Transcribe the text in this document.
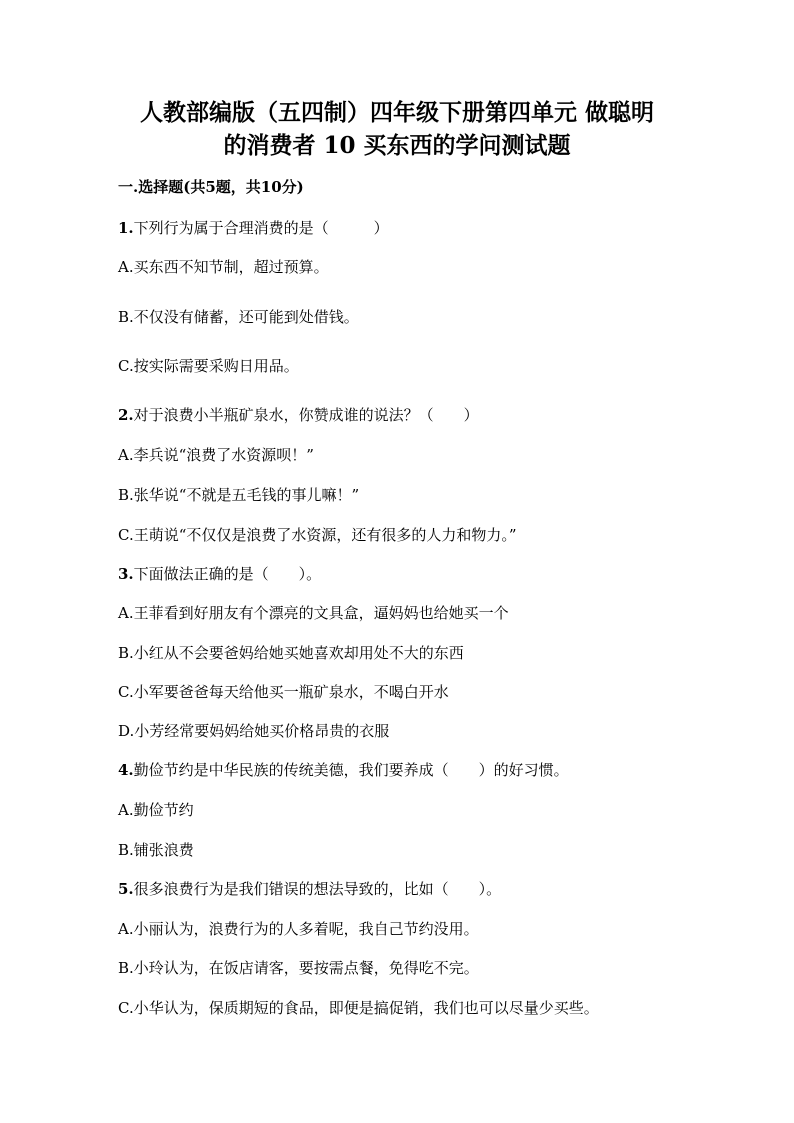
人教部编版（五四制）四年级下册第四单元 做聪明
的消费者 10 买东西的学问测试题
一.选择题(共5题，共10分)
1.下列行为属于合理消费的是（　　　）
A.买东西不知节制，超过预算。
B.不仅没有储蓄，还可能到处借钱。
C.按实际需要采购日用品。
2.对于浪费小半瓶矿泉水，你赞成谁的说法？（　　）
A.李兵说“浪费了水资源呗！”
B.张华说“不就是五毛钱的事儿嘛！”
C.王萌说“不仅仅是浪费了水资源，还有很多的人力和物力。”
3.下面做法正确的是（　　）。
A.王菲看到好朋友有个漂亮的文具盒，逼妈妈也给她买一个
B.小红从不会要爸妈给她买她喜欢却用处不大的东西
C.小军要爸爸每天给他买一瓶矿泉水，不喝白开水
D.小芳经常要妈妈给她买价格昂贵的衣服
4.勤俭节约是中华民族的传统美德，我们要养成（　　）的好习惯。
A.勤俭节约
B.铺张浪费
5.很多浪费行为是我们错误的想法导致的，比如（　　）。
A.小丽认为，浪费行为的人多着呢，我自己节约没用。
B.小玲认为，在饭店请客，要按需点餐，免得吃不完。
C.小华认为，保质期短的食品，即便是搞促销，我们也可以尽量少买些。
